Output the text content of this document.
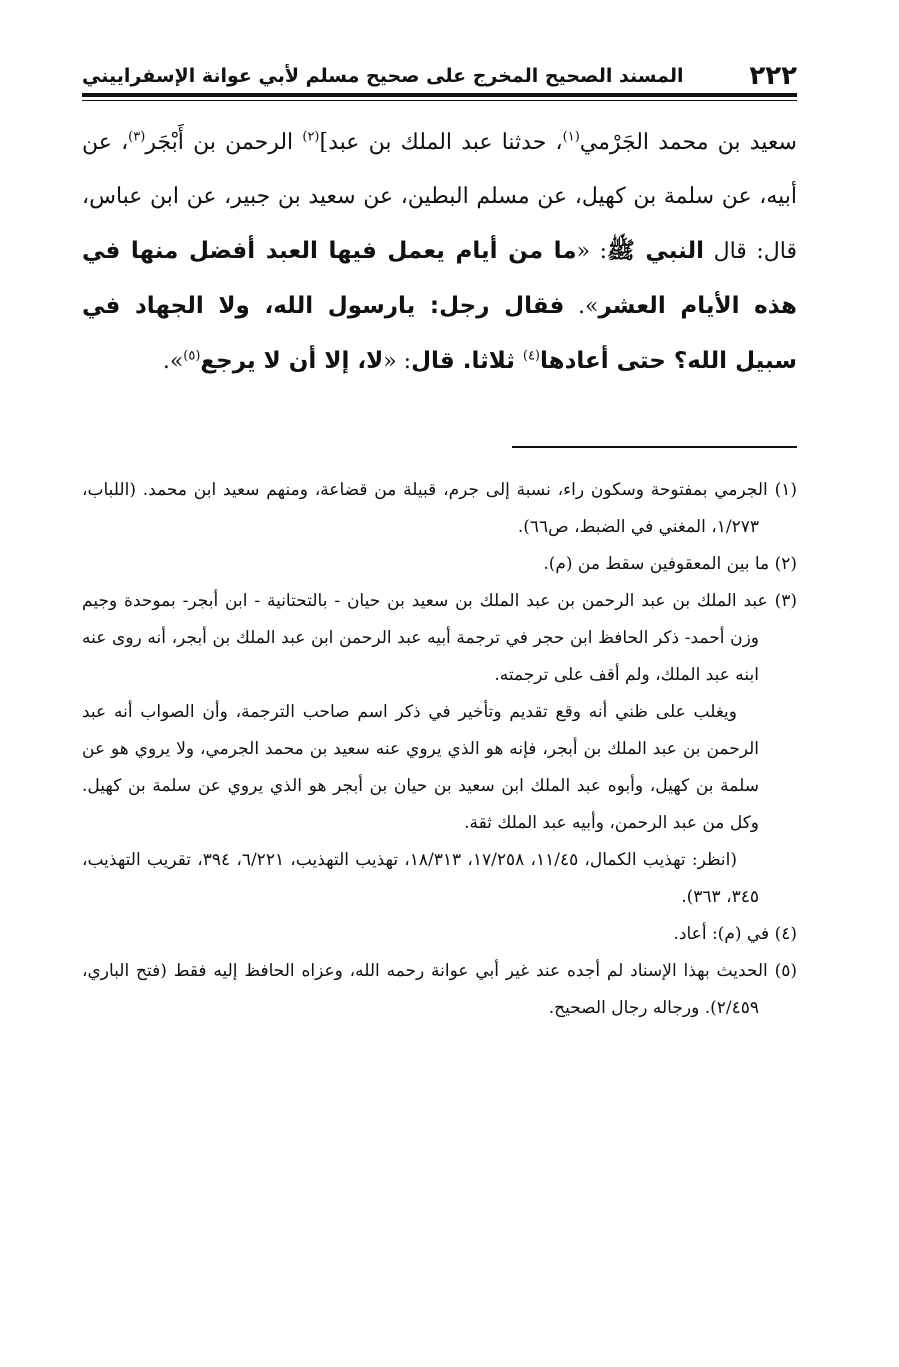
٢٢٢
المسند الصحيح المخرج على صحيح مسلم لأبي عوانة الإسفراييني

سعيد بن محمد الجَرْمي$^{(١)}$، حدثنا عبد الملك بن عبد]$^{(٢)}$ الرحمن بن أَبْجَر$^{(٣)}$، عن أبيه، عن سلمة بن كهيل، عن مسلم البطين، عن سعيد بن جبير، عن ابن عباس، قال: قال النبي ﷺ: «ما من أيام يعمل فيها العبد أفضل منها في هذه الأيام العشر». فقال رجل: يارسول الله، ولا الجهاد في سبيل الله؟ حتى أعادها$^{(٤)}$ ثلاثا. قال: «لا، إلا أن لا يرجع$^{(٥)}$».

(١) الجرمي بمفتوحة وسكون راء، نسبة إلى جرم، قبيلة من قضاعة، ومنهم سعيد ابن محمد. (اللباب، ١/٢٧٣، المغني في الضبط، ص٦٦).

(٢) ما بين المعقوفين سقط من (م).

(٣) عبد الملك بن عبد الرحمن بن عبد الملك بن سعيد بن حيان - بالتحتانية - ابن أبجر- بموحدة وجيم وزن أحمد- ذكر الحافظ ابن حجر في ترجمة أبيه عبد الرحمن ابن عبد الملك بن أبجر، أنه روى عنه ابنه عبد الملك، ولم أقف على ترجمته.

ويغلب على ظني أنه وقع تقديم وتأخير في ذكر اسم صاحب الترجمة، وأن الصواب أنه عبد الرحمن بن عبد الملك بن أبجر، فإنه هو الذي يروي عنه سعيد بن محمد الجرمي، ولا يروي هو عن سلمة بن كهيل، وأبوه عبد الملك ابن سعيد بن حيان بن أبجر هو الذي يروي عن سلمة بن كهيل. وكل من عبد الرحمن، وأبيه عبد الملك ثقة.

(انظر: تهذيب الكمال، ١١/٤٥، ١٧/٢٥٨، ١٨/٣١٣، تهذيب التهذيب، ٦/٢٢١، ٣٩٤، تقريب التهذيب، ٣٤٥، ٣٦٣).

(٤) في (م): أعاد.

(٥) الحديث بهذا الإسناد لم أجده عند غير أبي عوانة رحمه الله، وعزاه الحافظ إليه فقط (فتح الباري، ٢/٤٥٩). ورجاله رجال الصحيح.
